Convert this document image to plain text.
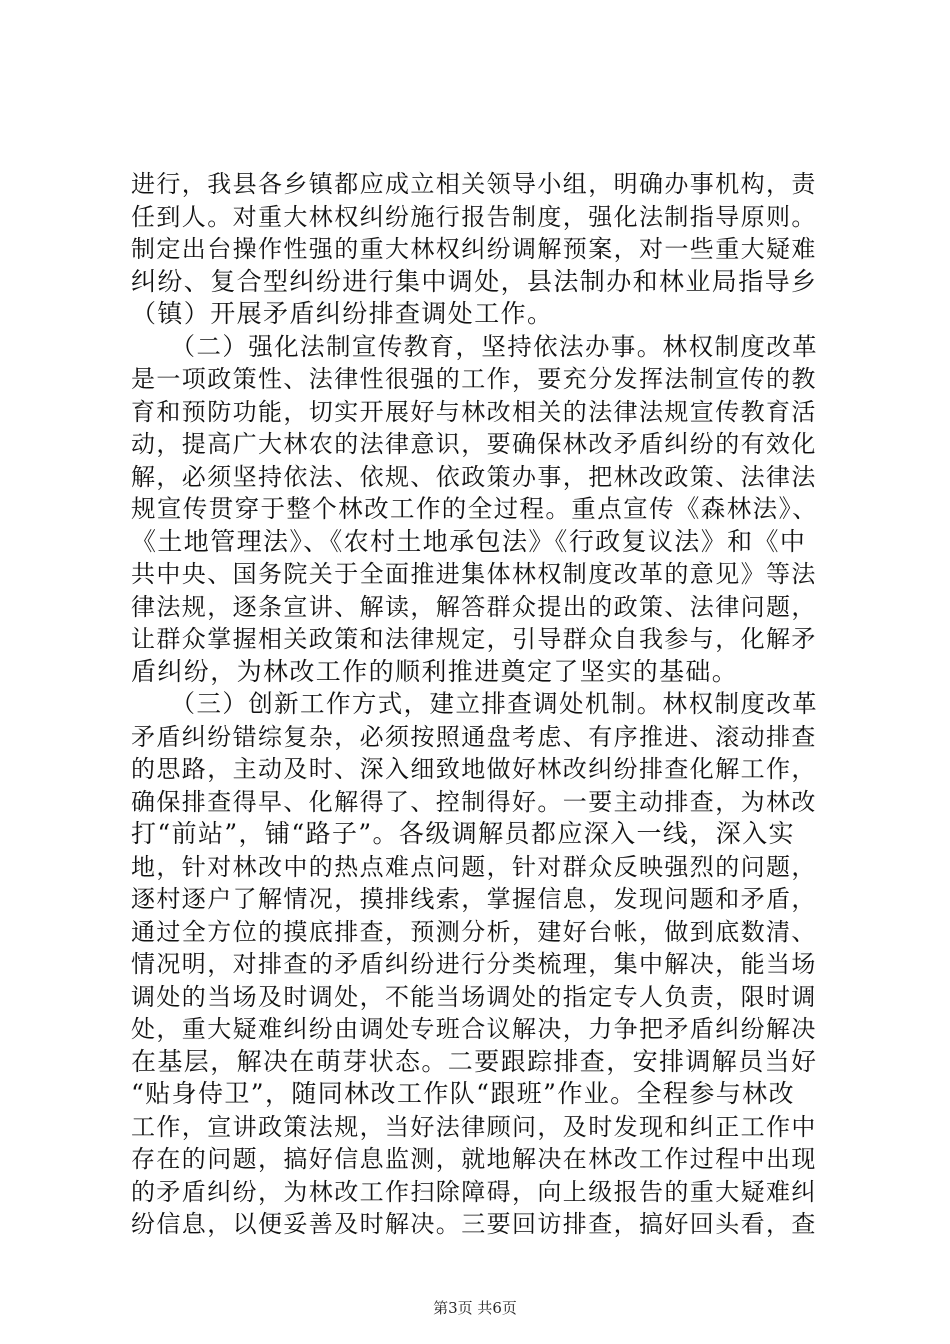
进行，我县各乡镇都应成立相关领导小组，明确办事机构，责
任到人。对重大林权纠纷施行报告制度，强化法制指导原则。
制定出台操作性强的重大林权纠纷调解预案，对一些重大疑难
纠纷、复合型纠纷进行集中调处，县法制办和林业局指导乡
（镇）开展矛盾纠纷排查调处工作。
　　（二）强化法制宣传教育，坚持依法办事。林权制度改革
是一项政策性、法律性很强的工作，要充分发挥法制宣传的教
育和预防功能，切实开展好与林改相关的法律法规宣传教育活
动，提高广大林农的法律意识，要确保林改矛盾纠纷的有效化
解，必须坚持依法、依规、依政策办事，把林改政策、法律法
规宣传贯穿于整个林改工作的全过程。重点宣传《森林法》、
《土地管理法》、《农村土地承包法》《行政复议法》和《中
共中央、国务院关于全面推进集体林权制度改革的意见》等法
律法规，逐条宣讲、解读，解答群众提出的政策、法律问题，
让群众掌握相关政策和法律规定，引导群众自我参与，化解矛
盾纠纷，为林改工作的顺利推进奠定了坚实的基础。
　　（三）创新工作方式，建立排查调处机制。林权制度改革
矛盾纠纷错综复杂，必须按照通盘考虑、有序推进、滚动排查
的思路，主动及时、深入细致地做好林改纠纷排查化解工作，
确保排查得早、化解得了、控制得好。一要主动排查，为林改
打“前站”，铺“路子”。各级调解员都应深入一线，深入实
地，针对林改中的热点难点问题，针对群众反映强烈的问题，
逐村逐户了解情况，摸排线索，掌握信息，发现问题和矛盾，
通过全方位的摸底排查，预测分析，建好台帐，做到底数清、
情况明，对排查的矛盾纠纷进行分类梳理，集中解决，能当场
调处的当场及时调处，不能当场调处的指定专人负责，限时调
处，重大疑难纠纷由调处专班合议解决，力争把矛盾纠纷解决
在基层，解决在萌芽状态。二要跟踪排查，安排调解员当好
“贴身侍卫”，随同林改工作队“跟班”作业。全程参与林改
工作，宣讲政策法规，当好法律顾问，及时发现和纠正工作中
存在的问题，搞好信息监测，就地解决在林改工作过程中出现
的矛盾纠纷，为林改工作扫除障碍，向上级报告的重大疑难纠
纷信息，以便妥善及时解决。三要回访排查，搞好回头看，查
第3页 共6页
